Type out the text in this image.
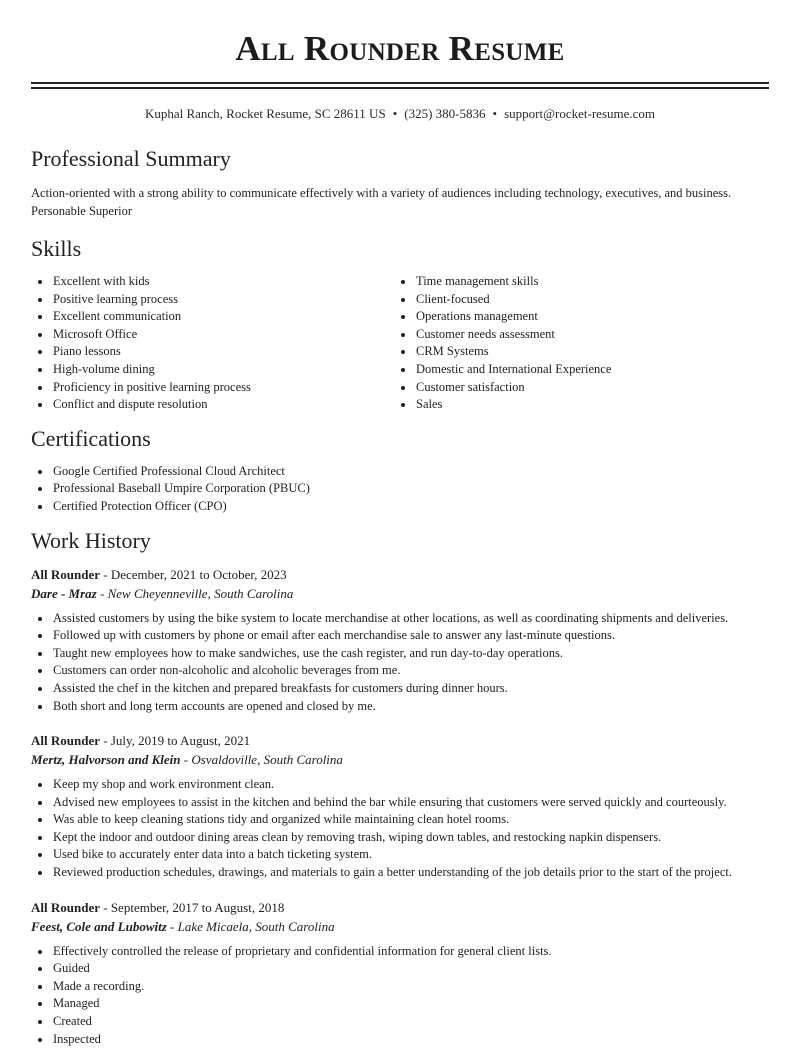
All Rounder Resume
Kuphal Ranch, Rocket Resume, SC 28611 US • (325) 380-5836 • support@rocket-resume.com
Professional Summary

Action-oriented with a strong ability to communicate effectively with a variety of audiences including technology, executives, and business. Personable Superior

Skills
Excellent with kids
Positive learning process
Excellent communication
Microsoft Office
Piano lessons
High-volume dining
Proficiency in positive learning process
Conflict and dispute resolution
Time management skills
Client-focused
Operations management
Customer needs assessment
CRM Systems
Domestic and International Experience
Customer satisfaction
Sales
Certifications
Google Certified Professional Cloud Architect
Professional Baseball Umpire Corporation (PBUC)
Certified Protection Officer (CPO)
Work History
All Rounder - December, 2021 to October, 2023
Dare - Mraz - New Cheyenneville, South Carolina
Assisted customers by using the bike system to locate merchandise at other locations, as well as coordinating shipments and deliveries.
Followed up with customers by phone or email after each merchandise sale to answer any last-minute questions.
Taught new employees how to make sandwiches, use the cash register, and run day-to-day operations.
Customers can order non-alcoholic and alcoholic beverages from me.
Assisted the chef in the kitchen and prepared breakfasts for customers during dinner hours.
Both short and long term accounts are opened and closed by me.
All Rounder - July, 2019 to August, 2021
Mertz, Halvorson and Klein - Osvaldoville, South Carolina
Keep my shop and work environment clean.
Advised new employees to assist in the kitchen and behind the bar while ensuring that customers were served quickly and courteously.
Was able to keep cleaning stations tidy and organized while maintaining clean hotel rooms.
Kept the indoor and outdoor dining areas clean by removing trash, wiping down tables, and restocking napkin dispensers.
Used bike to accurately enter data into a batch ticketing system.
Reviewed production schedules, drawings, and materials to gain a better understanding of the job details prior to the start of the project.
All Rounder - September, 2017 to August, 2018
Feest, Cole and Lubowitz - Lake Micaela, South Carolina
Effectively controlled the release of proprietary and confidential information for general client lists.
Guided
Made a recording.
Managed
Created
Inspected
